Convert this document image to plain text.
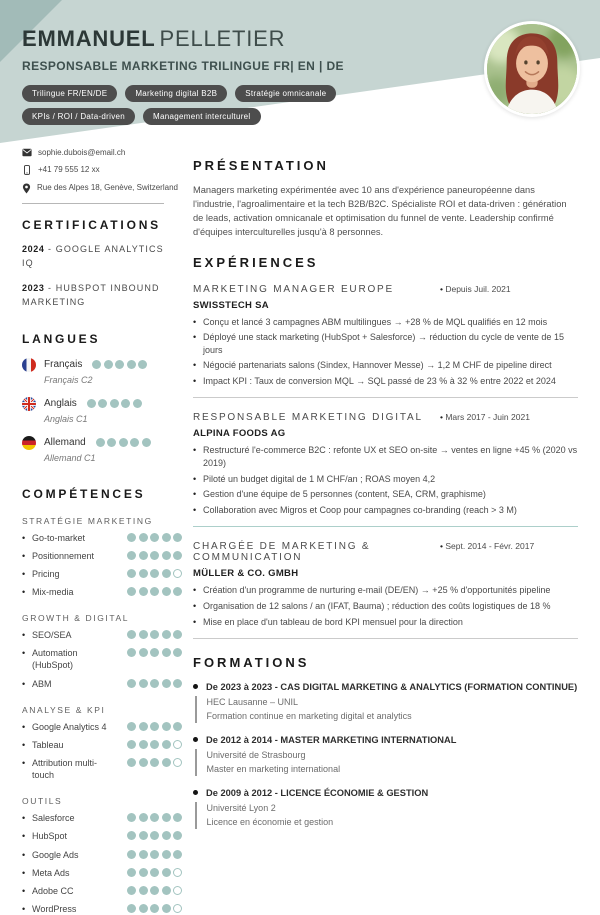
EMMANUEL PELLETIER
RESPONSABLE MARKETING TRILINGUE FR| EN | DE
Trilingue FR/EN/DE	Marketing digital B2B	Stratégie omnicanale
KPIs / ROI / Data-driven	Management interculturel
sophie.dubois@email.ch
+41 79 555 12 xx
Rue des Alpes 18, Genève, Switzerland
CERTIFICATIONS
2024 - GOOGLE ANALYTICS IQ
2023 - HUBSPOT INBOUND MARKETING
LANGUES
Français
Français C2
Anglais
Anglais C1
Allemand
Allemand C1
COMPÉTENCES
STRATÉGIE MARKETING
• Go-to-market
• Positionnement
• Pricing
• Mix-media
GROWTH & DIGITAL
• SEO/SEA
• Automation (HubSpot)
• ABM
ANALYSE & KPI
• Google Analytics 4
• Tableau
• Attribution multi-touch
OUTILS
• Salesforce
• HubSpot
• Google Ads
• Meta Ads
• Adobe CC
• WordPress
PRÉSENTATION
Managers marketing expérimentée avec 10 ans d'expérience paneuropéenne dans l'industrie, l'agroalimentaire et la tech B2B/B2C. Spécialiste ROI et data-driven : génération de leads, activation omnicanale et optimisation du funnel de vente. Leadership confirmé d'équipes interculturelles jusqu'à 8 personnes.
EXPÉRIENCES
MARKETING MANAGER EUROPE	• Depuis Juil. 2021
SWISSTECH SA
• Conçu et lancé 3 campagnes ABM multilingues → +28 % de MQL qualifiés en 12 mois
• Déployé une stack marketing (HubSpot + Salesforce) → réduction du cycle de vente de 15 jours
• Négocié partenariats salons (Sindex, Hannover Messe) → 1,2 M CHF de pipeline direct
• Impact KPI : Taux de conversion MQL → SQL passé de 23 % à 32 % entre 2022 et 2024
RESPONSABLE MARKETING DIGITAL	• Mars 2017 - Juin 2021
ALPINA FOODS AG
• Restructuré l'e-commerce B2C : refonte UX et SEO on-site → ventes en ligne +45 % (2020 vs 2019)
• Piloté un budget digital de 1 M CHF/an ; ROAS moyen 4,2
• Gestion d'une équipe de 5 personnes (content, SEA, CRM, graphisme)
• Collaboration avec Migros et Coop pour campagnes co-branding (reach > 3 M)
CHARGÉE DE MARKETING & COMMUNICATION
• Sept. 2014 - Févr. 2017
MÜLLER & CO. GMBH
• Création d'un programme de nurturing e-mail (DE/EN) → +25 % d'opportunités pipeline
• Organisation de 12 salons / an (IFAT, Bauma) ; réduction des coûts logistiques de 18 %
• Mise en place d'un tableau de bord KPI mensuel pour la direction
FORMATIONS
De 2023 à 2023 - CAS DIGITAL MARKETING & ANALYTICS (FORMATION CONTINUE)
HEC Lausanne – UNIL
Formation continue en marketing digital et analytics
De 2012 à 2014 - MASTER MARKETING INTERNATIONAL
Université de Strasbourg
Master en marketing international
De 2009 à 2012 - LICENCE ÉCONOMIE & GESTION
Université Lyon 2
Licence en économie et gestion
